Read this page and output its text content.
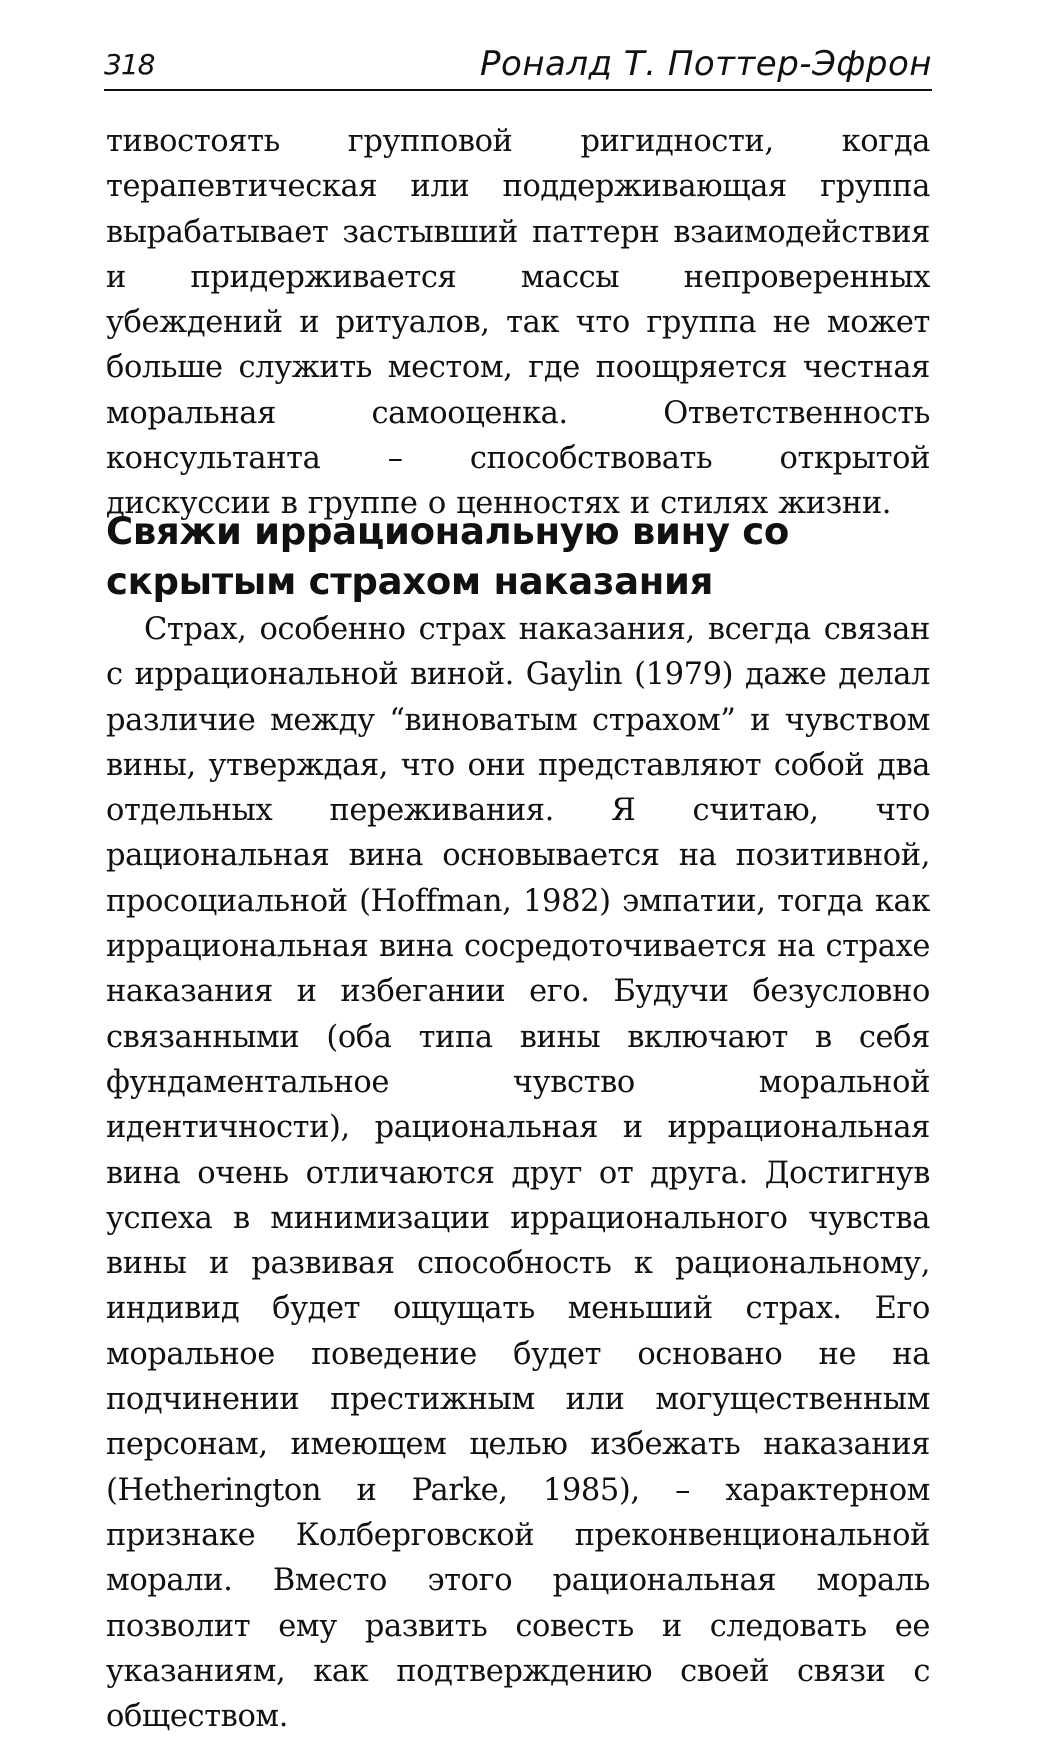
318	Роналд Т. Поттер-Эфрон

тивостоять групповой ригидности, когда терапевтическая или поддерживающая группа вырабатывает застывший паттерн взаимодействия и придерживается массы непроверенных убеждений и ритуалов, так что группа не может больше служить местом, где поощряется честная моральная самооценка. Ответственность консультанта – способствовать открытой дискуссии в группе о ценностях и стилях жизни.

Свяжи иррациональную вину со скрытым страхом наказания

Страх, особенно страх наказания, всегда связан с иррациональной виной. Gaylin (1979) даже делал различие между “виноватым страхом” и чувством вины, утверждая, что они представляют собой два отдельных переживания. Я считаю, что рациональная вина основывается на позитивной, просоциальной (Hoffman, 1982) эмпатии, тогда как иррациональная вина сосредоточивается на страхе наказания и избегании его. Будучи безусловно связанными (оба типа вины включают в себя фундаментальное чувство моральной идентичности), рациональная и иррациональная вина очень отличаются друг от друга. Достигнув успеха в минимизации иррационального чувства вины и развивая способность к рациональному, индивид будет ощущать меньший страх. Его моральное поведение будет основано не на подчинении престижным или могущественным персонам, имеющем целью избежать наказания (Hetherington и Parke, 1985), – характерном признаке Колберговской преконвенциональной морали. Вместо этого рациональная мораль позволит ему развить совесть и следовать ее указаниям, как подтверждению своей связи с обществом.
